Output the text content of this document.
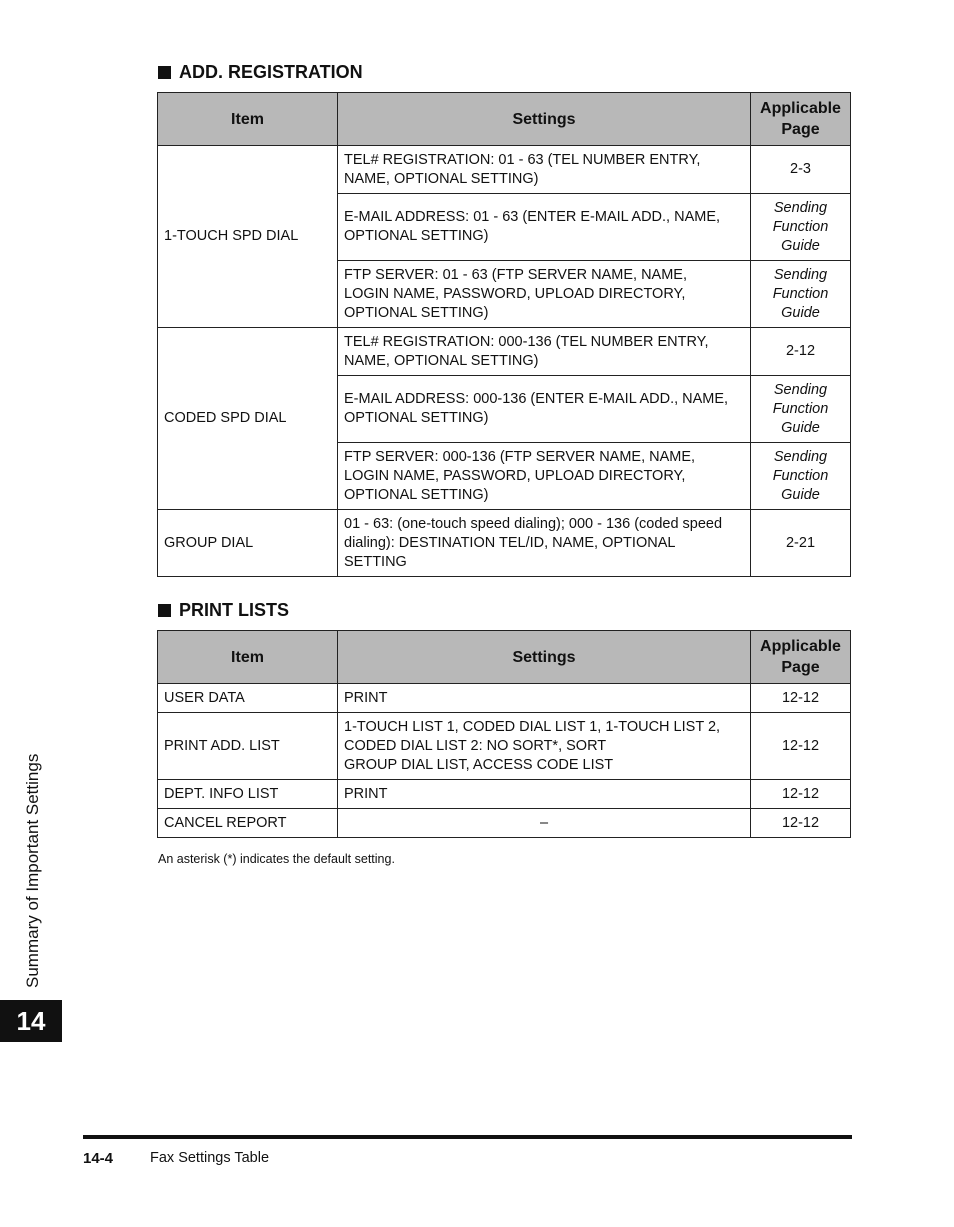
ADD. REGISTRATION
Item	Settings	Applicable Page
1-TOUCH SPD DIAL	TEL# REGISTRATION: 01 - 63 (TEL NUMBER ENTRY,
NAME, OPTIONAL SETTING)	2-3

	E-MAIL ADDRESS: 01 - 63 (ENTER E-MAIL ADD., NAME,
OPTIONAL SETTING)	Sending
Function
Guide

	FTP SERVER: 01 - 63 (FTP SERVER NAME, NAME,
LOGIN NAME, PASSWORD, UPLOAD DIRECTORY,
OPTIONAL SETTING)	Sending
Function
Guide

CODED SPD DIAL	TEL# REGISTRATION: 000-136 (TEL NUMBER ENTRY,
NAME, OPTIONAL SETTING)	2-12

	E-MAIL ADDRESS: 000-136 (ENTER E-MAIL ADD., NAME,
OPTIONAL SETTING)	Sending
Function
Guide

	FTP SERVER: 000-136 (FTP SERVER NAME, NAME,
LOGIN NAME, PASSWORD, UPLOAD DIRECTORY,
OPTIONAL SETTING)	Sending
Function
Guide

GROUP DIAL	01 - 63: (one-touch speed dialing); 000 - 136 (coded speed
dialing): DESTINATION TEL/ID, NAME, OPTIONAL
SETTING	2-21
PRINT LISTS
Item	Settings	Applicable Page
USER DATA	PRINT	12-12

PRINT ADD. LIST	1-TOUCH LIST 1, CODED DIAL LIST 1, 1-TOUCH LIST 2,
CODED DIAL LIST 2: NO SORT*, SORT
GROUP DIAL LIST, ACCESS CODE LIST	12-12

DEPT. INFO LIST	PRINT	12-12

CANCEL REPORT	–	12-12

An asterisk (*) indicates the default setting.

Summary of Important Settings
14
14-4	Fax Settings Table
